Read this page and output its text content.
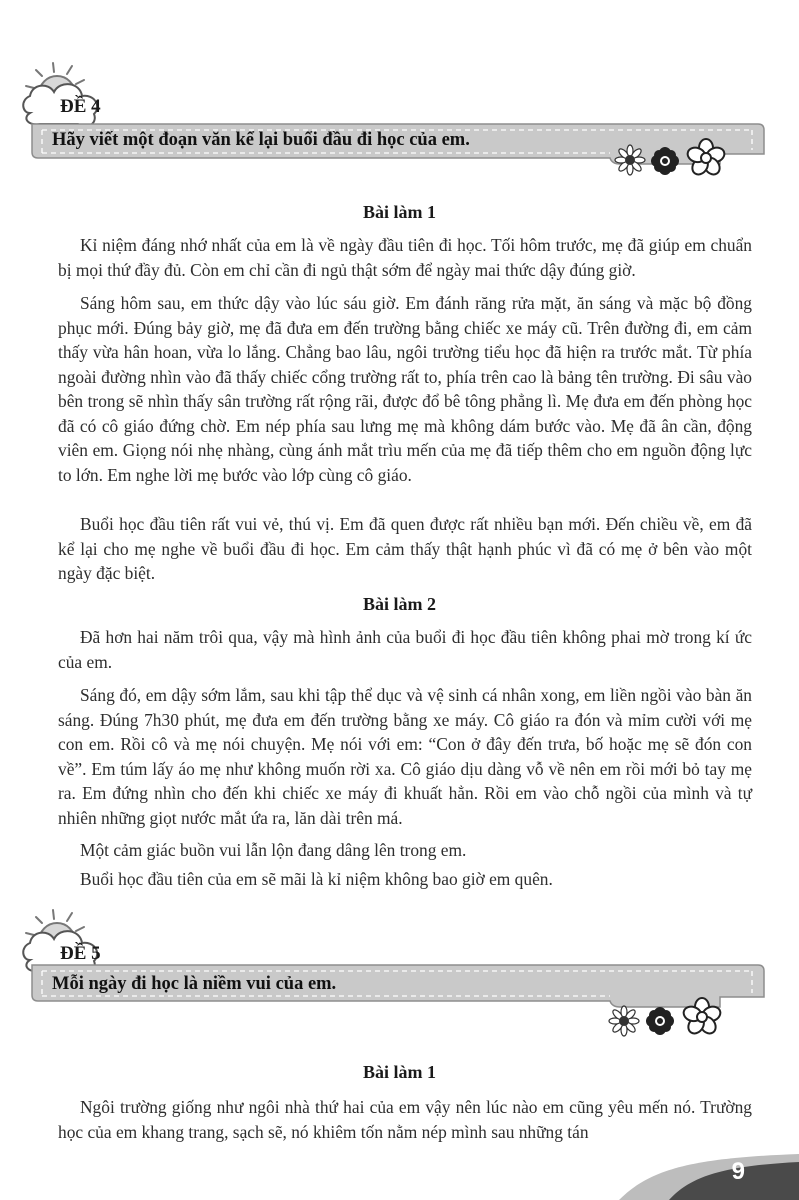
ĐỀ 4
Hãy viết một đoạn văn kể lại buổi đầu đi học của em.
Bài làm 1

Kỉ niệm đáng nhớ nhất của em là về ngày đầu tiên đi học. Tối hôm trước, mẹ đã giúp em chuẩn bị mọi thứ đầy đủ. Còn em chỉ cần đi ngủ thật sớm để ngày mai thức dậy đúng giờ.

Sáng hôm sau, em thức dậy vào lúc sáu giờ. Em đánh răng rửa mặt, ăn sáng và mặc bộ đồng phục mới. Đúng bảy giờ, mẹ đã đưa em đến trường bằng chiếc xe máy cũ. Trên đường đi, em cảm thấy vừa hân hoan, vừa lo lắng. Chẳng bao lâu, ngôi trường tiểu học đã hiện ra trước mắt. Từ phía ngoài đường nhìn vào đã thấy chiếc cổng trường rất to, phía trên cao là bảng tên trường. Đi sâu vào bên trong sẽ nhìn thấy sân trường rất rộng rãi, được đổ bê tông phẳng lì. Mẹ đưa em đến phòng học đã có cô giáo đứng chờ. Em nép phía sau lưng mẹ mà không dám bước vào. Mẹ đã ân cần, động viên em. Giọng nói nhẹ nhàng, cùng ánh mắt trìu mến của mẹ đã tiếp thêm cho em nguồn động lực to lớn. Em nghe lời mẹ bước vào lớp cùng cô giáo.

Buổi học đầu tiên rất vui vẻ, thú vị. Em đã quen được rất nhiều bạn mới. Đến chiều về, em đã kể lại cho mẹ nghe về buổi đầu đi học. Em cảm thấy thật hạnh phúc vì đã có mẹ ở bên vào một ngày đặc biệt.

Bài làm 2

Đã hơn hai năm trôi qua, vậy mà hình ảnh của buổi đi học đầu tiên không phai mờ trong kí ức của em.

Sáng đó, em dậy sớm lắm, sau khi tập thể dục và vệ sinh cá nhân xong, em liền ngồi vào bàn ăn sáng. Đúng 7h30 phút, mẹ đưa em đến trường bằng xe máy. Cô giáo ra đón và mỉm cười với mẹ con em. Rồi cô và mẹ nói chuyện. Mẹ nói với em: “Con ở đây đến trưa, bố hoặc mẹ sẽ đón con về”. Em túm lấy áo mẹ như không muốn rời xa. Cô giáo dịu dàng vỗ về nên em rồi mới bỏ tay mẹ ra. Em đứng nhìn cho đến khi chiếc xe máy đi khuất hẳn. Rồi em vào chỗ ngồi của mình và tự nhiên những giọt nước mắt ứa ra, lăn dài trên má.

Một cảm giác buồn vui lẫn lộn đang dâng lên trong em.

Buổi học đầu tiên của em sẽ mãi là kỉ niệm không bao giờ em quên.

ĐỀ 5
Mỗi ngày đi học là niềm vui của em.
Bài làm 1

Ngôi trường giống như ngôi nhà thứ hai của em vậy nên lúc nào em cũng yêu mến nó. Trường học của em khang trang, sạch sẽ, nó khiêm tốn nằm nép mình sau những tán

9
